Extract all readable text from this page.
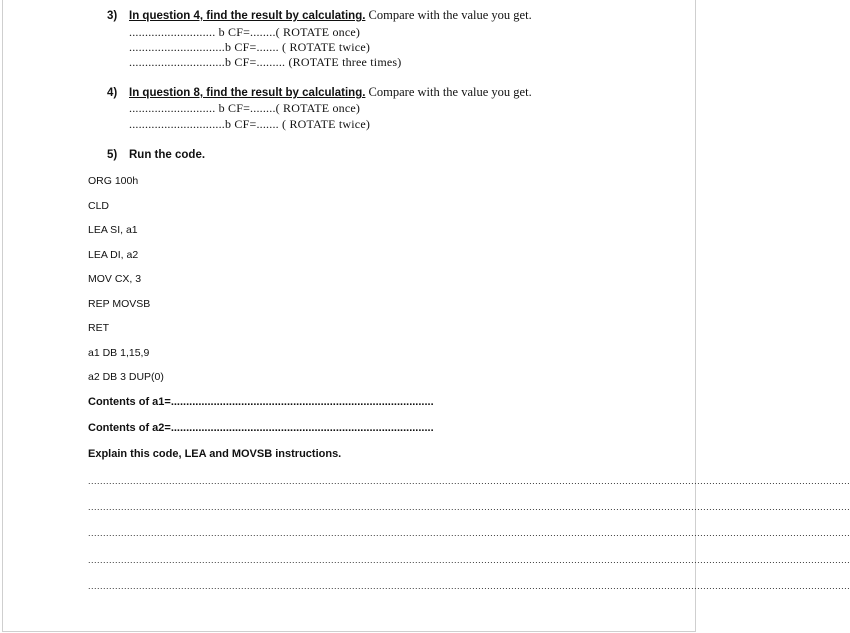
3) In question 4, find the result by calculating. Compare with the value you get.
........................... b CF=........( ROTATE once)
..............................b CF=....... ( ROTATE twice)
..............................b CF=......... (ROTATE three times)
4) In question 8, find the result by calculating. Compare with the value you get.
........................... b CF=........( ROTATE once)
..............................b CF=....... ( ROTATE twice)
5) Run the code.
ORG 100h
CLD
LEA SI, a1
LEA DI, a2
MOV CX, 3
REP MOVSB
RET
a1 DB 1,15,9
a2 DB 3 DUP(0)
Contents of a1=......................................................................................
Contents of a2=......................................................................................
Explain this code, LEA and MOVSB instructions.
..............................................................................................................................................................................................................................................................
..............................................................................................................................................................................................................................................................
..............................................................................................................................................................................................................................................................
..............................................................................................................................................................................................................................................................
..............................................................................................................................................................................................................................................................
